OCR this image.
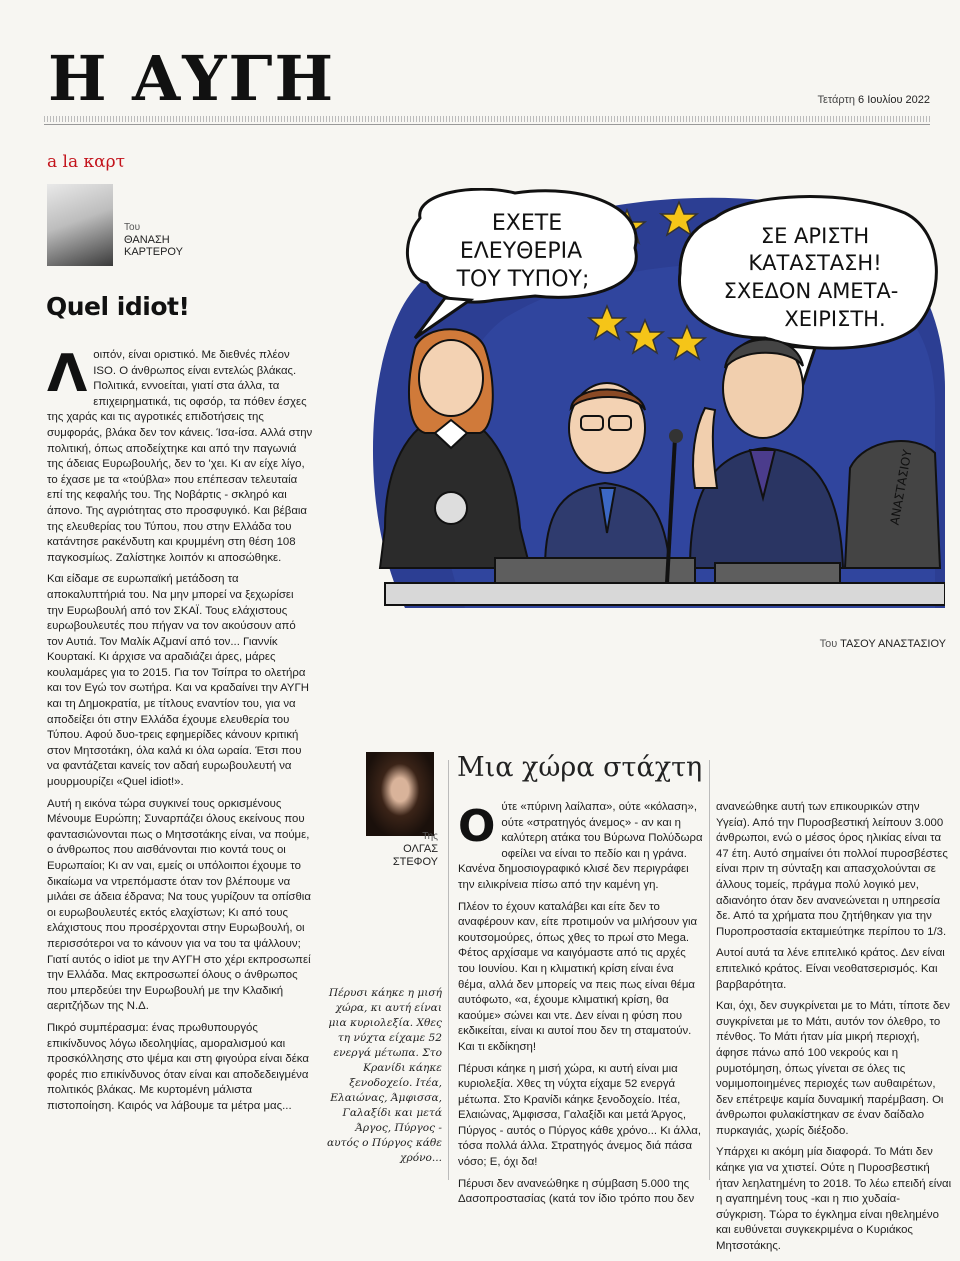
Η ΑΥΓΗ	Τετάρτη 6 Ιουλίου 2022
a la καρτ
Του
ΘΑΝΑΣΗ
ΚΑΡΤΕΡΟΥ
Quel idiot!

Λοιπόν, είναι οριστικό. Με διεθνές πλέον ISO. Ο άνθρωπος είναι εντελώς βλάκας. Πολιτικά, εννοείται, γιατί στα άλλα, τα επιχειρηματικά, τις οφσόρ, τα πόθεν έσχες της χαράς και τις αγροτικές επιδοτήσεις της συμφοράς, βλάκα δεν τον κάνεις. Ίσα-ίσα. Αλλά στην πολιτική, όπως αποδείχτηκε και από την παγωνιά της άδειας Ευρωβουλής, δεν το 'χει. Κι αν είχε λίγο, το έχασε με τα «τούβλα» που επέπεσαν τελευταία επί της κεφαλής του. Της Νοβάρτις - σκληρό και άπονο. Της αγριότητας στο προσφυγικό. Και βέβαια της ελευθερίας του Τύπου, που στην Ελλάδα του κατάντησε ρακένδυτη και κρυμμένη στη θέση 108 παγκοσμίως. Ζαλίστηκε λοιπόν κι αποσώθηκε.

Και είδαμε σε ευρωπαϊκή μετάδοση τα αποκαλυπτήριά του. Να μην μπορεί να ξεχωρίσει την Ευρωβουλή από τον ΣΚΑΪ. Τους ελάχιστους ευρωβουλευτές που πήγαν να τον ακούσουν από τον Αυτιά. Τον Μαλίκ Αζμανί από τον... Γιαννίκ Κουρτακί. Κι άρχισε να αραδιάζει άρες, μάρες κουλαμάρες για το 2015. Για τον Τσίπρα το ολετήρα και τον Εγώ τον σωτήρα. Και να κραδαίνει την ΑΥΓΗ και τη Δημοκρατία, με τίτλους εναντίον του, για να αποδείξει ότι στην Ελλάδα έχουμε ελευθερία του Τύπου. Αφού δυο-τρεις εφημερίδες κάνουν κριτική στον Μητσοτάκη, όλα καλά κι όλα ωραία. Έτσι που να φαντάζεται κανείς τον αδαή ευρωβουλευτή να μουρμουρίζει «Quel idiot!».

Αυτή η εικόνα τώρα συγκινεί τους ορκισμένους Μένουμε Ευρώπη; Συναρπάζει όλους εκείνους που φαντασιώνονται πως ο Μητσοτάκης είναι, να πούμε, ο άνθρωπος που αισθάνονται πιο κοντά τους οι Ευρωπαίοι; Κι αν ναι, εμείς οι υπόλοιποι έχουμε το δικαίωμα να ντρεπόμαστε όταν τον βλέπουμε να μιλάει σε άδεια έδρανα; Να τους γυρίζουν τα οπίσθια οι ευρωβουλευτές εκτός ελαχίστων; Κι από τους ελάχιστους που προσέρχονται στην Ευρωβουλή, οι περισσότεροι να το κάνουν για να του τα ψάλλουν; Γιατί αυτός ο idiot με την ΑΥΓΗ στο χέρι εκπροσωπεί την Ελλάδα. Μας εκπροσωπεί όλους ο άνθρωπος που μπερδεύει την Ευρωβουλή με την Κλαδική αεριτζήδων της Ν.Δ.

Πικρό συμπέρασμα: ένας πρωθυπουργός επικίνδυνος λόγω ιδεοληψίας, αμοραλισμού και προσκόλλησης στο ψέμα και στη φιγούρα είναι δέκα φορές πιο επικίνδυνος όταν είναι και αποδεδειγμένα πολιτικός βλάκας. Με κυρτομένη μάλιστα πιστοποίηση. Καιρός να λάβουμε τα μέτρα μας...

ΕΧΕΤΕ
ΕΛΕΥΘΕΡΙΑ
ΤΟΥ ΤΥΠΟΥ;
ΣΕ ΑΡΙΣΤΗ
ΚΑΤΑΣΤΑΣΗ!
ΣΧΕΔΟΝ ΑΜΕΤΑ-
ΧΕΙΡΙΣΤΗ.
ΑΝΑΣΤΑΣΙΟΥ
Του ΤΑΣΟΥ ΑΝΑΣΤΑΣΙΟΥ
Της
ΟΛΓΑΣ
ΣΤΕΦΟΥ
Μια χώρα στάχτη
Πέρυσι κάηκε η μισή χώρα, κι αυτή είναι μια κυριολεξία. Χθες τη νύχτα είχαμε 52 ενεργά μέτωπα. Στο Κρανίδι κάηκε ξενοδοχείο. Ιτέα, Ελαιώνας, Άμφισσα, Γαλαξίδι και μετά Άργος, Πύργος - αυτός ο Πύργος κάθε χρόνο...

Ούτε «πύρινη λαίλαπα», ούτε «κόλαση», ούτε «στρατηγός άνεμος» - αν και η καλύτερη ατάκα του Βύρωνα Πολύδωρα οφείλει να είναι το πεδίο και η γράνα. Κανένα δημοσιογραφικό κλισέ δεν περιγράφει την ειλικρίνεια πίσω από την καμένη γη.

Πλέον το έχουν καταλάβει και είτε δεν το αναφέρουν καν, είτε προτιμούν να μιλήσουν για κουτσομούρες, όπως χθες το πρωί στο Mega. Φέτος αρχίσαμε να καιγόμαστε από τις αρχές του Ιουνίου. Και η κλιματική κρίση είναι ένα θέμα, αλλά δεν μπορείς να πεις πως είναι θέμα αυτόφωτο, «α, έχουμε κλιματική κρίση, θα καούμε» σώνει και ντε. Δεν είναι η φύση που εκδικείται, είναι κι αυτοί που δεν τη σταματούν. Και τι εκδίκηση!

Πέρυσι κάηκε η μισή χώρα, κι αυτή είναι μια κυριολεξία. Χθες τη νύχτα είχαμε 52 ενεργά μέτωπα. Στο Κρανίδι κάηκε ξενοδοχείο. Ιτέα, Ελαιώνας, Άμφισσα, Γαλαξίδι και μετά Άργος, Πύργος - αυτός ο Πύργος κάθε χρόνο... Κι άλλα, τόσα πολλά άλλα. Στρατηγός άνεμος διά πάσα νόσο; Ε, όχι δα!

Πέρυσι δεν ανανεώθηκε η σύμβαση 5.000 της Δασοπροστασίας (κατά τον ίδιο τρόπο που δεν

ανανεώθηκε αυτή των επικουρικών στην Υγεία). Από την Πυροσβεστική λείπουν 3.000 άνθρωποι, ενώ ο μέσος όρος ηλικίας είναι τα 47 έτη. Αυτό σημαίνει ότι πολλοί πυροσβέστες είναι πριν τη σύνταξη και απασχολούνται σε άλλους τομείς, πράγμα πολύ λογικό μεν, αδιανόητο όταν δεν ανανεώνεται η υπηρεσία δε. Από τα χρήματα που ζητήθηκαν για την Πυροπροστασία εκταμιεύτηκε περίπου το 1/3.

Αυτοί αυτά τα λένε επιτελικό κράτος. Δεν είναι επιτελικό κράτος. Είναι νεοθατσερισμός. Και βαρβαρότητα.

Και, όχι, δεν συγκρίνεται με το Μάτι, τίποτε δεν συγκρίνεται με το Μάτι, αυτόν τον όλεθρο, το πένθος. Το Μάτι ήταν μία μικρή περιοχή, άφησε πάνω από 100 νεκρούς και η ρυμοτόμηση, όπως γίνεται σε όλες τις νομιμοποιημένες περιοχές των αυθαιρέτων, δεν επέτρεψε καμία δυναμική παρέμβαση. Οι άνθρωποι φυλακίστηκαν σε έναν δαίδαλο πυρκαγιάς, χωρίς διέξοδο.

Υπάρχει κι ακόμη μία διαφορά. Το Μάτι δεν κάηκε για να χτιστεί. Ούτε η Πυροσβεστική ήταν λεηλατημένη το 2018. Το λέω επειδή είναι η αγαπημένη τους -και η πιο χυδαία- σύγκριση. Τώρα το έγκλημα είναι ηθελημένο και ευθύνεται συγκεκριμένα ο Κυριάκος Μητσοτάκης.
